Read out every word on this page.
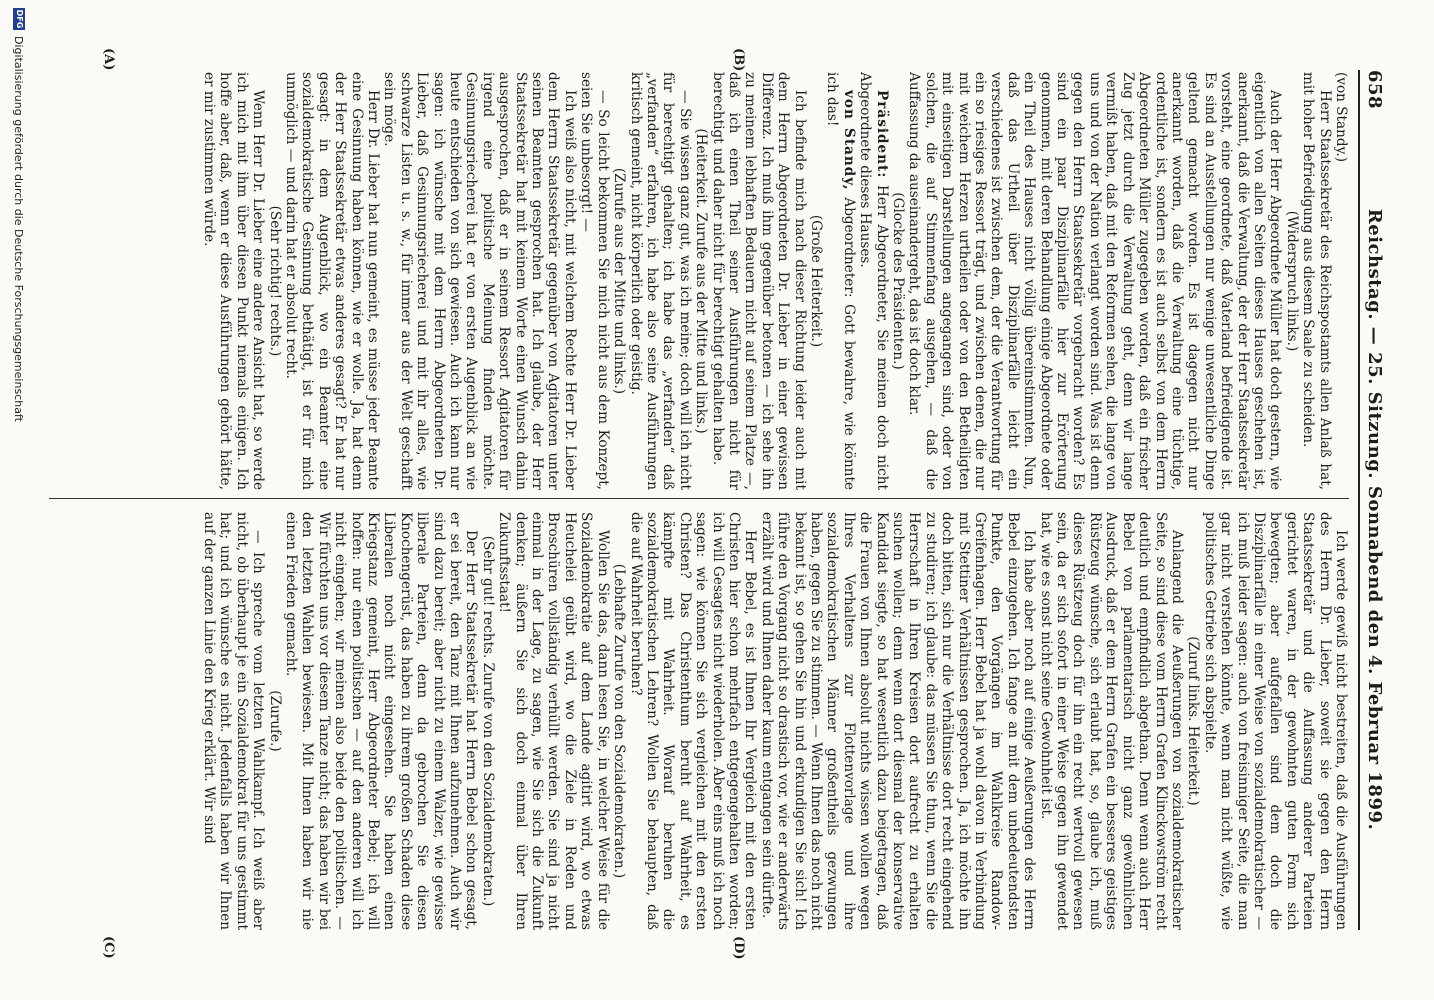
DFG
Digitalisierung gefördert durch die Deutsche Forschungsgemeinschaft	658
Reichstag. — 25. Sitzung. Sonnabend den 4. Februar 1899.
(A)	(B)
(C)	(D)

(von Standy.)

Herr Staatssekretär des Reichspostamts allen Anlaß hat, mit hoher Befriedigung aus diesem Saale zu scheiden.

(Widerspruch links.)

Auch der Herr Abgeordnete Müller hat doch gestern, wie eigentlich von allen Seiten dieses Hauses geschehen ist, anerkannt, daß die Verwaltung, der der Herr Staatssekretär vorsteht, eine geordnete, daß Vaterland befriedigende ist. Es sind an Ausstellungen nur wenige unwesentliche Dinge geltend gemacht worden. Es ist dagegen nicht nur anerkannt worden, daß die Verwaltung eine tüchtige, ordentliche ist, sondern es ist auch selbst von dem Herrn Abgeordneten Müller zugegeben worden, daß ein frischer Zug jetzt durch die Verwaltung geht, denn wir lange vermißt haben, daß mit den Reformen sehen, die lange von uns und von der Nation verlangt worden sind. Was ist denn gegen den Herrn Staatssekretär vorgebracht worden? Es sind ein paar Disziplinarfälle hier zur Erörterung genommen, mit deren Behandlung einige Abgeordnete oder ein Theil des Hauses nicht völlig übereinstimmten. Nun, daß das Urtheil über Disziplinarfälle leicht ein verschiedenes ist zwischen dem, der die Verantwortung für ein so riesiges Ressort trägt, und zwischen denen, die nur mit weichem Herzen urtheilen oder von den Betheiligten mit einseitigen Darstellungen angegangen sind, oder von solchen, die auf Stimmenfang ausgehen, — daß die Auffassung da auseinandergeht, das ist doch klar.

(Glocke des Präsidenten.)

Präsident: Herr Abgeordneter, Sie meinen doch nicht Abgeordnete dieses Hauses.

von Standy, Abgeordneter: Gott bewahre, wie könnte ich das!

(Große Heiterkeit.)

Ich befinde mich nach dieser Richtung leider auch mit dem Herrn Abgeordneten Dr. Lieber in einer gewissen Differenz. Ich muß ihm gegenüber betonen — ich sehe ihn zu meinem lebhaften Bedauern nicht auf seinem Platze —, daß ich einen Theil seiner Ausführungen nicht für berechtigt und daher nicht für berechtigt gehalten habe.

(Heiterkeit. Zurufe aus der Mitte und links.)

— Sie wissen ganz gut, was ich meine; doch will ich nicht für berechtigt gehalten; ich habe das „verfanden“ daß „verfanden“ erfahren, ich habe also seine Ausführungen kritisch gemeint, nicht körperlich oder geistig.

(Zurufe aus der Mitte und links.)

— So leicht bekommen Sie mich nicht aus dem Konzept, seien Sie unbesorgt! —

Ich weiß also nicht, mit welchem Rechte Herr Dr. Lieber dem Herrn Staatssekretär gegenüber von Agitatoren unter seinen Beamten gesprochen hat. Ich glaube, der Herr Staatssekretär hat mit keinem Worte einen Wunsch dahin ausgesprochen, daß er in seinem Ressort Agitatoren für irgend eine politische Meinung finden möchte. Gesinnungsriecherei hat er von ersten Augenblick an wie heute entschieden von sich gewiesen. Auch ich kann nur sagen: ich wünsche mit dem Herrn Abgeordneten Dr. Lieber, daß Gesinnungsriecherei und mit ihr alles, wie schwarze Listen u. s. w., für immer aus der Welt geschafft sein möge.

Herr Dr. Lieber hat nun gemeint, es müsse jeder Beamte eine Gesinnung haben können, wie er wolle. Ja, hat denn der Herr Staatssekretär etwas anderes gesagt? Er hat nur gesagt: in dem Augenblick, wo ein Beamter eine sozialdemokratische Gesinnung bethätigt, ist er für mich unmöglich — und darin hat er absolut recht.

(Sehr richtig! rechts.)

Wenn Herr Dr. Lieber eine andere Ansicht hat, so werde ich mich mit ihm über diesen Punkt niemals einigen. Ich hoffe aber, daß, wenn er diese Ausführungen gehört hätte, er mir zustimmen würde.

Ich werde gewiß nicht bestreiten, daß die Ausführungen des Herrn Dr. Lieber, soweit sie gegen den Herrn Staatssekretär und die Auffassung anderer Parteien gerichtet waren, in der gewohnten guten Form sich bewegten; aber aufgefallen sind dem doch die Disziplinarfälle in einer Weise von sozialdemokratischer — ich muß leider sagen: auch von freisinniger Seite, die man gar nicht verstehen könnte, wenn man nicht wüßte, wie politisches Getriebe sich abspielte.

(Zuruf links. Heiterkeit.)

Anlangend die Aeußerungen von sozialdemokratischer Seite, so sind diese vom Herrn Grafen Klinckowström recht deutlich und empfindlich abgethan. Denn wenn auch Herr Bebel von parlamentarisch nicht ganz gewöhnlichen Ausdruck, daß er dem Herrn Grafen ein besseres geistiges Rüstzeug wünsche, sich erlaubt hat, so, glaube ich, muß dieses Rüstzeug doch für ihn ein recht wertvoll gewesen sein, da er sich sofort in einer Weise gegen ihn gewendet hat, wie es sonst nicht seine Gewohnheit ist.

Ich habe aber noch auf einige Aeußerungen des Herrn Bebel einzugehen. Ich fange an mit dem unbedeutendsten Punkte, den Vorgängen im Wahlkreise Randow-Greifenhagen. Herr Bebel hat ja wohl davon in Verbindung mit Stettiner Verhältnissen gesprochen. Ja, ich möchte ihn doch bitten, sich nur die Verhältnisse dort recht eingehend zu studiren; ich glaube: das müssen Sie thun, wenn Sie die Herrschaft in Ihren Kreisen dort aufrecht zu erhalten suchen wollen; denn wenn dort diesmal der konservative Kandidat siegte, so hat wesentlich dazu beigetragen, daß die Frauen von Ihnen absolut nichts wissen wollen wegen Ihres Verhaltens zur Flottenvorlage und ihre sozialdemokratischen Männer großentheils gezwungen haben, gegen Sie zu stimmen. — Wenn Ihnen das noch nicht bekannt ist, so gehen Sie hin und erkundigen Sie sich! Ich führe den Vorgang nicht so drastisch vor, wie er anderwärts erzählt wird und Ihnen daher kaum entgangen sein dürfte.

Herr Bebel, es ist Ihnen Ihr Vergleich mit den ersten Christen hier schon mehrfach entgegengehalten worden; ich will Gesagtes nicht wiederholen. Aber eins muß ich noch sagen: wie können Sie sich vergleichen mit den ersten Christen? Das Christenthum beruht auf Wahrheit, es kämpfte mit Wahrheit. Worauf beruhen die sozialdemokratischen Lehren? Wollen Sie behaupten, daß die auf Wahrheit beruhen?

(Lebhafte Zurufe von den Sozialdemokraten.)

Wollen Sie das, dann lesen Sie, in welcher Weise für die Sozialdemokratie auf dem Lande agitirt wird, wo etwas Heuchelei geübt wird, wo die Ziele in Reden und Broschüren vollständig verhüllt werden. Sie sind ja nicht einmal in der Lage, zu sagen, wie Sie sich die Zukunft denken; äußern Sie sich doch einmal über Ihren Zukunftsstaat!

(Sehr gut! rechts. Zurufe von den Sozialdemokraten.)

Der Herr Staatssekretär hat Herrn Bebel schon gesagt, er sei bereit, den Tanz mit Ihnen aufzunehmen. Auch wir sind dazu bereit; aber nicht zu einem Walzer, wie gewisse liberale Parteien, denn da gebrochen Sie diesen Knochengerüst, das haben zu ihrem großen Schaden diese Liberalen noch nicht eingesehen. Sie haben einen Kriegstanz gemeint, Herr Abgeordneter Bebel; ich will hoffen: nur einen politischen — auf den anderen will ich nicht eingehen; wir meinen also beide den politischen. — Wir fürchten uns vor diesem Tanze nicht; das haben wir bei den letzten Wahlen bewiesen. Mit Ihnen haben wir nie einen Frieden gemacht.

(Zurufe.)

— Ich spreche vom letzten Wahlkampf. Ich weiß aber nicht, ob überhaupt je ein Sozialdemokrat für uns gestimmt hat; und ich wünsche es nicht. Jedenfalls haben wir Ihnen auf der ganzen Linie den Krieg erklärt. Wir sind
